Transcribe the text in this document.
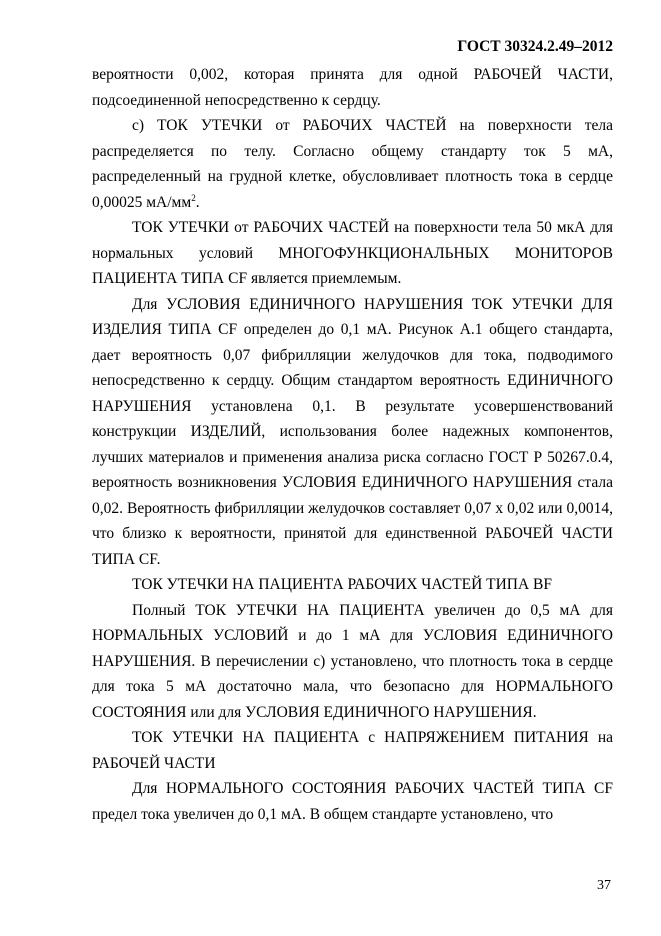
ГОСТ 30324.2.49–2012

вероятности 0,002, которая принята для одной РАБОЧЕЙ ЧАСТИ, подсоединенной непосредственно к сердцу.

с) ТОК УТЕЧКИ от РАБОЧИХ ЧАСТЕЙ на поверхности тела распределяется по телу. Согласно общему стандарту ток 5 мА, распределенный на грудной клетке, обусловливает плотность тока в сердце 0,00025 $мА/мм^2$.

ТОК УТЕЧКИ от РАБОЧИХ ЧАСТЕЙ на поверхности тела 50 мкА для нормальных условий МНОГОФУНКЦИОНАЛЬНЫХ МОНИТОРОВ ПАЦИЕНТА ТИПА CF является приемлемым.

Для УСЛОВИЯ ЕДИНИЧНОГО НАРУШЕНИЯ ТОК УТЕЧКИ ДЛЯ ИЗДЕЛИЯ ТИПА CF определен до 0,1 мА. Рисунок А.1 общего стандарта, дает вероятность 0,07 фибрилляции желудочков для тока, подводимого непосредственно к сердцу. Общим стандартом вероятность ЕДИНИЧНОГО НАРУШЕНИЯ установлена 0,1. В результате усовершенствований конструкции ИЗДЕЛИЙ, использования более надежных компонентов, лучших материалов и применения анализа риска согласно ГОСТ Р 50267.0.4, вероятность возникновения УСЛОВИЯ ЕДИНИЧНОГО НАРУШЕНИЯ стала 0,02. Вероятность фибрилляции желудочков составляет 0,07 х 0,02 или 0,0014, что близко к вероятности, принятой для единственной РАБОЧЕЙ ЧАСТИ ТИПА CF.

ТОК УТЕЧКИ НА ПАЦИЕНТА РАБОЧИХ ЧАСТЕЙ ТИПА BF

Полный ТОК УТЕЧКИ НА ПАЦИЕНТА увеличен до 0,5 мА для НОРМАЛЬНЫХ УСЛОВИЙ и до 1 мА для УСЛОВИЯ ЕДИНИЧНОГО НАРУШЕНИЯ. В перечислении с) установлено, что плотность тока в сердце для тока 5 мА достаточно мала, что безопасно для НОРМАЛЬНОГО СОСТОЯНИЯ или для УСЛОВИЯ ЕДИНИЧНОГО НАРУШЕНИЯ.

ТОК УТЕЧКИ НА ПАЦИЕНТА с НАПРЯЖЕНИЕМ ПИТАНИЯ на РАБОЧЕЙ ЧАСТИ

Для НОРМАЛЬНОГО СОСТОЯНИЯ РАБОЧИХ ЧАСТЕЙ ТИПА CF предел тока увеличен до 0,1 мА. В общем стандарте установлено, что

37
